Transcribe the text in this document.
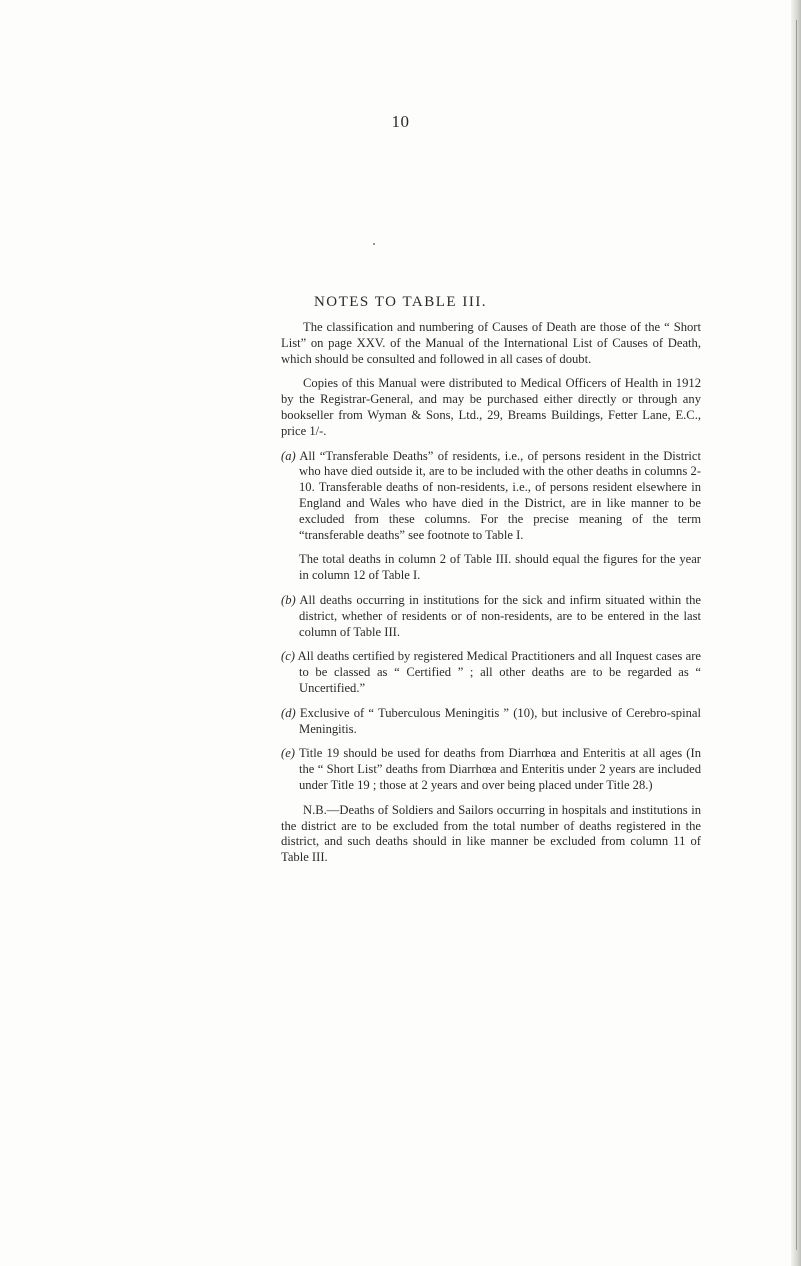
10
NOTES TO TABLE III.

The classification and numbering of Causes of Death are those of the “ Short List” on page XXV. of the Manual of the International List of Causes of Death, which should be consulted and followed in all cases of doubt.

Copies of this Manual were distributed to Medical Officers of Health in 1912 by the Registrar-General, and may be purchased either directly or through any bookseller from Wyman & Sons, Ltd., 29, Breams Buildings, Fetter Lane, E.C., price 1/-.

(a) All “Transferable Deaths” of residents, i.e., of persons resident in the District who have died outside it, are to be included with the other deaths in columns 2-10. Transferable deaths of non-residents, i.e., of persons resident elsewhere in England and Wales who have died in the District, are in like manner to be excluded from these columns. For the precise meaning of the term “transferable deaths” see footnote to Table I.

The total deaths in column 2 of Table III. should equal the figures for the year in column 12 of Table I.

(b) All deaths occurring in institutions for the sick and infirm situated within the district, whether of residents or of non-residents, are to be entered in the last column of Table III.
(c) All deaths certified by registered Medical Practitioners and all Inquest cases are to be classed as “ Certified ” ; all other deaths are to be regarded as “ Uncertified.”
(d) Exclusive of “ Tuberculous Meningitis ” (10), but inclusive of Cerebro-spinal Meningitis.
(e) Title 19 should be used for deaths from Diarrhœa and Enteritis at all ages (In the “ Short List” deaths from Diarrhœa and Enteritis under 2 years are included under Title 19 ; those at 2 years and over being placed under Title 28.)

N.B.—Deaths of Soldiers and Sailors occurring in hospitals and institutions in the district are to be excluded from the total number of deaths registered in the district, and such deaths should in like manner be excluded from column 11 of Table III.
